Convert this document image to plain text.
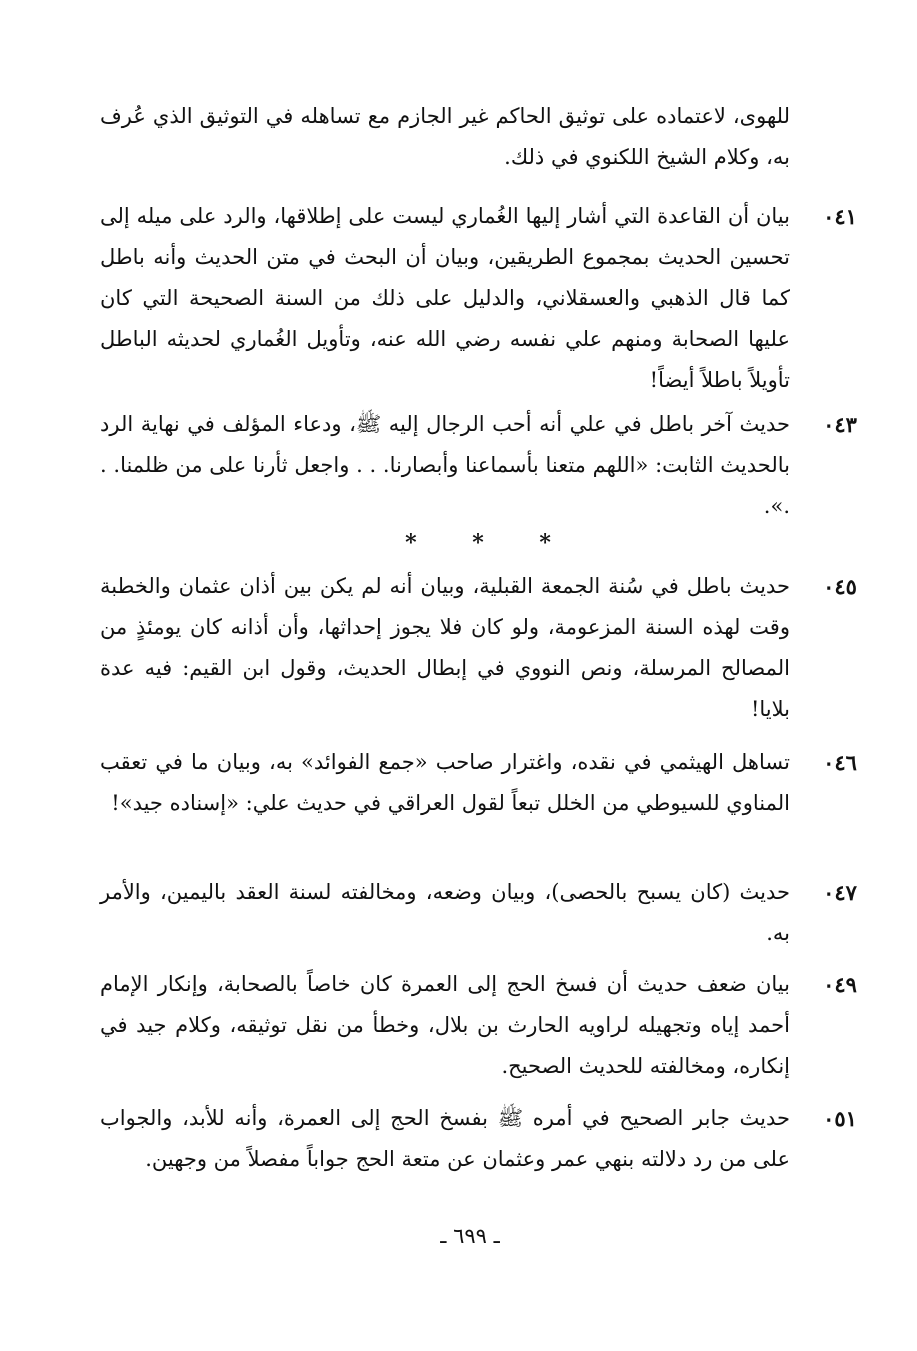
للهوى، لاعتماده على توثيق الحاكم غير الجازم مع تساهله في التوثيق الذي عُرف به، وكلام الشيخ اللكنوي في ذلك.

٠٤١

بيان أن القاعدة التي أشار إليها الغُماري ليست على إطلاقها، والرد على ميله إلى تحسين الحديث بمجموع الطريقين، وبيان أن البحث في متن الحديث وأنه باطل كما قال الذهبي والعسقلاني، والدليل على ذلك من السنة الصحيحة التي كان عليها الصحابة ومنهم علي نفسه رضي الله عنه، وتأويل الغُماري لحديثه الباطل تأويلاً باطلاً أيضاً!

٠٤٣

حديث آخر باطل في علي أنه أحب الرجال إليه ﷺ، ودعاء المؤلف في نهاية الرد بالحديث الثابت: «اللهم متعنا بأسماعنا وأبصارنا. . . واجعل ثأرنا على من ظلمنا. . .».

* * *
٠٤٥

حديث باطل في سُنة الجمعة القبلية، وبيان أنه لم يكن بين أذان عثمان والخطبة وقت لهذه السنة المزعومة، ولو كان فلا يجوز إحداثها، وأن أذانه كان يومئذٍ من المصالح المرسلة، ونص النووي في إبطال الحديث، وقول ابن القيم: فيه عدة بلايا!

٠٤٦

تساهل الهيثمي في نقده، واغترار صاحب «جمع الفوائد» به، وبيان ما في تعقب المناوي للسيوطي من الخلل تبعاً لقول العراقي في حديث علي: «إسناده جيد»!

٠٤٧

حديث (كان يسبح بالحصى)، وبيان وضعه، ومخالفته لسنة العقد باليمين، والأمر به.

٠٤٩

بيان ضعف حديث أن فسخ الحج إلى العمرة كان خاصاً بالصحابة، وإنكار الإمام أحمد إياه وتجهيله لراويه الحارث بن بلال، وخطأ من نقل توثيقه، وكلام جيد في إنكاره، ومخالفته للحديث الصحيح.

٠٥١

حديث جابر الصحيح في أمره ﷺ بفسخ الحج إلى العمرة، وأنه للأبد، والجواب على من رد دلالته بنهي عمر وعثمان عن متعة الحج جواباً مفصلاً من وجهين.

ـ ٦٩٩ ـ
